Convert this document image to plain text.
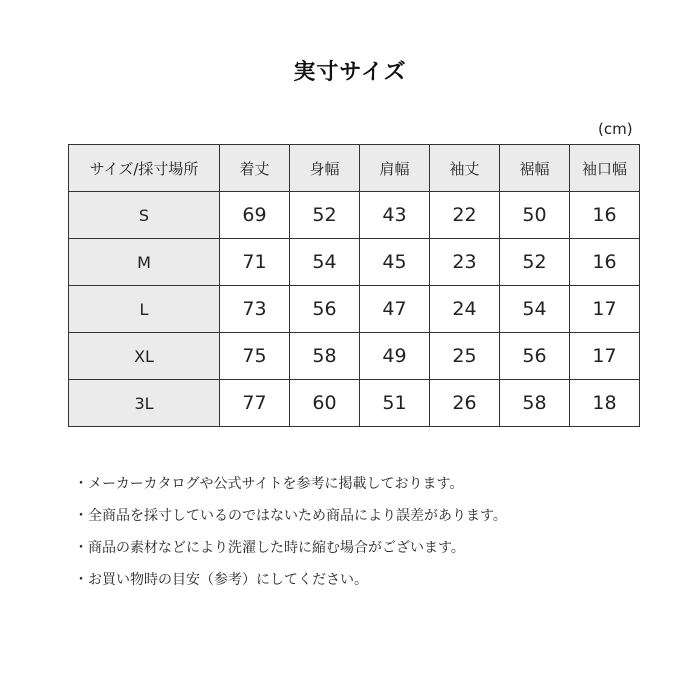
実寸サイズ
(cm)
サイズ/採寸場所	着丈	身幅	肩幅	袖丈	裾幅	袖口幅
S	69	52	43	22	50	16
M	71	54	45	23	52	16
L	73	56	47	24	54	17
XL	75	58	49	25	56	17
3L	77	60	51	26	58	18
・メーカーカタログや公式サイトを参考に掲載しております。
・全商品を採寸しているのではないため商品により誤差があります。
・商品の素材などにより洗濯した時に縮む場合がございます。
・お買い物時の目安（参考）にしてください。
